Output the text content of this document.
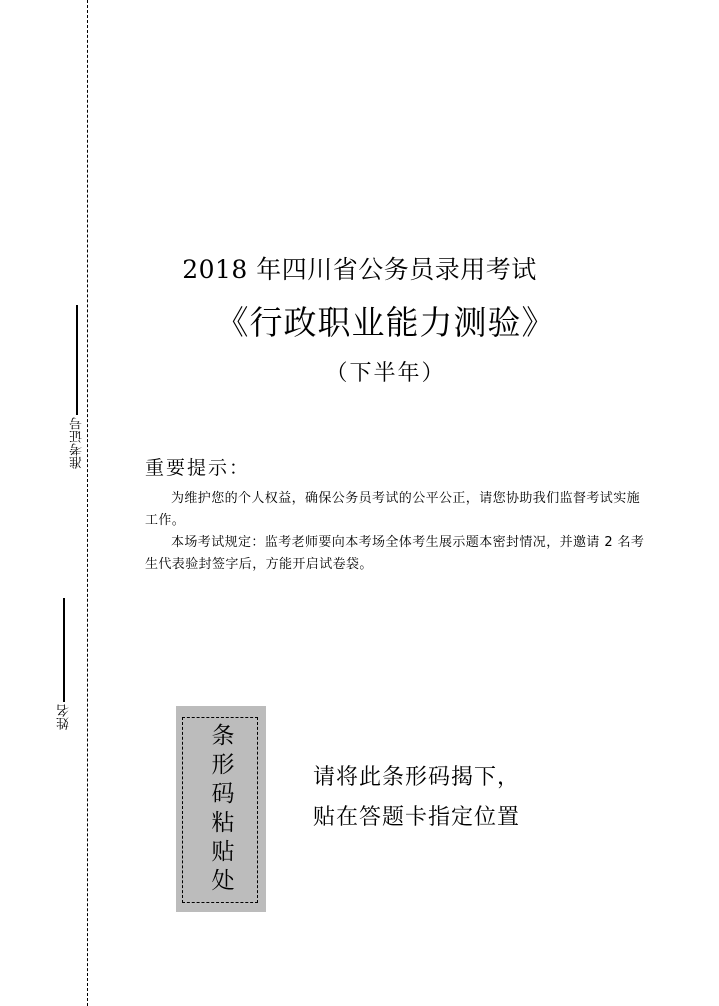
准考证号
姓名
2018 年四川省公务员录用考试
《行政职业能力测验》
（下半年）
重要提示：

为维护您的个人权益，确保公务员考试的公平公正，请您协助我们监督考试实施工作。

本场考试规定：监考老师要向本考场全体考生展示题本密封情况，并邀请 2 名考生代表验封签字后，方能开启试卷袋。

条形码粘贴处	请将此条形码揭下，
贴在答题卡指定位置
